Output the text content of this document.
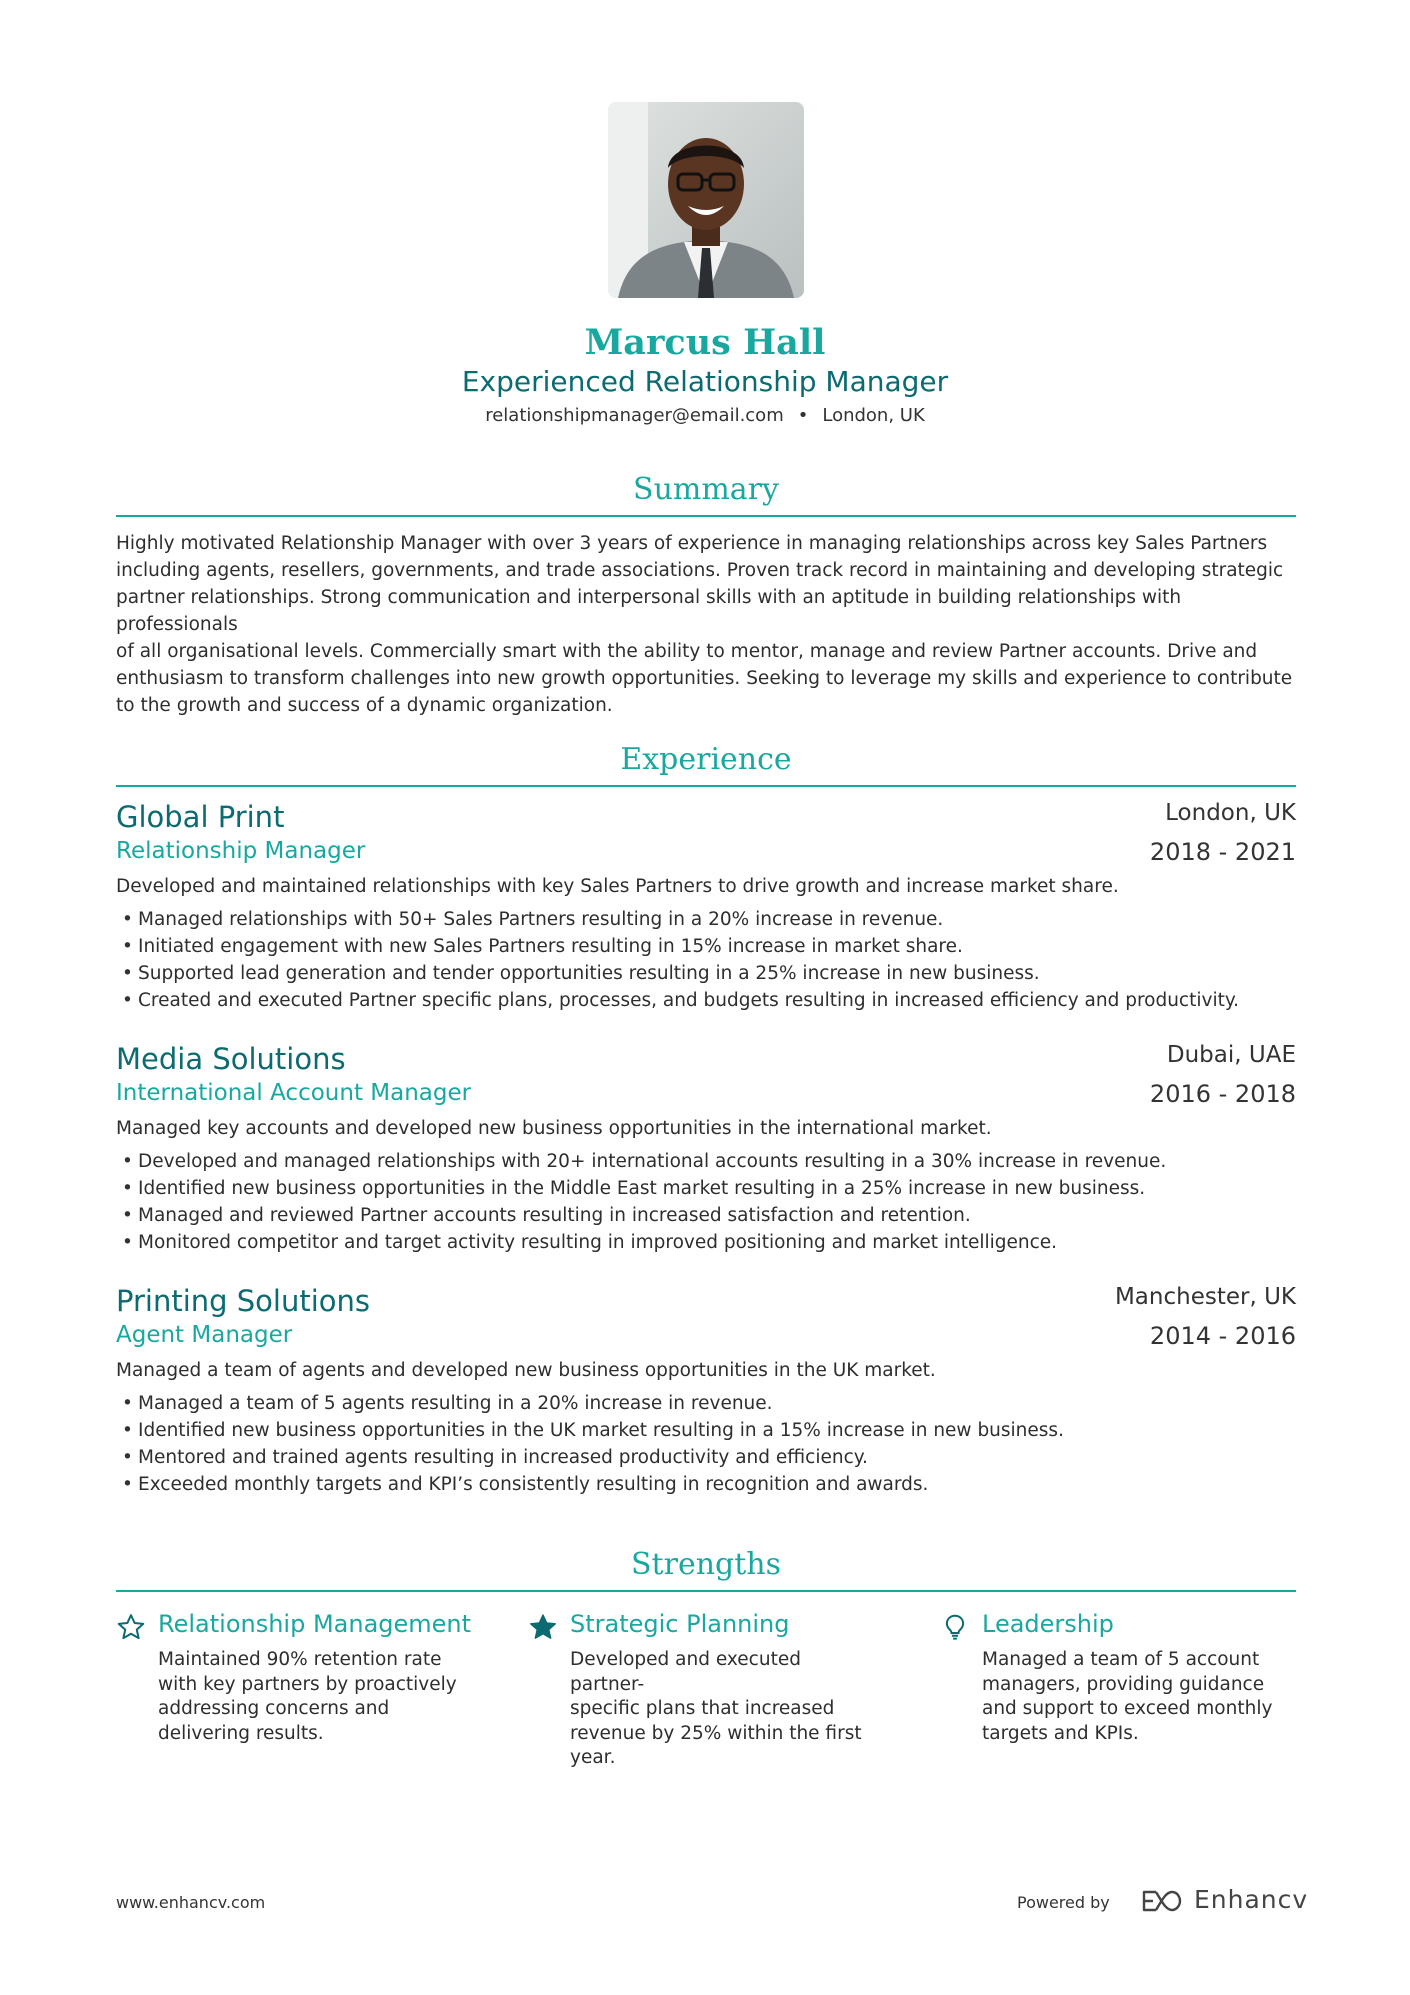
Marcus Hall
Experienced Relationship Manager
relationshipmanager@email.com • London, UK
Summary
Highly motivated Relationship Manager with over 3 years of experience in managing relationships across key Sales Partners
including agents, resellers, governments, and trade associations. Proven track record in maintaining and developing strategic
partner relationships. Strong communication and interpersonal skills with an aptitude in building relationships with professionals
of all organisational levels. Commercially smart with the ability to mentor, manage and review Partner accounts. Drive and
enthusiasm to transform challenges into new growth opportunities. Seeking to leverage my skills and experience to contribute
to the growth and success of a dynamic organization.
Experience
Global Print	London, UK
Relationship Manager	2018 - 2021
Developed and maintained relationships with key Sales Partners to drive growth and increase market share.
• Managed relationships with 50+ Sales Partners resulting in a 20% increase in revenue.
• Initiated engagement with new Sales Partners resulting in 15% increase in market share.
• Supported lead generation and tender opportunities resulting in a 25% increase in new business.
• Created and executed Partner specific plans, processes, and budgets resulting in increased efficiency and productivity.
Media Solutions	Dubai, UAE
International Account Manager	2016 - 2018
Managed key accounts and developed new business opportunities in the international market.
• Developed and managed relationships with 20+ international accounts resulting in a 30% increase in revenue.
• Identified new business opportunities in the Middle East market resulting in a 25% increase in new business.
• Managed and reviewed Partner accounts resulting in increased satisfaction and retention.
• Monitored competitor and target activity resulting in improved positioning and market intelligence.
Printing Solutions	Manchester, UK
Agent Manager	2014 - 2016
Managed a team of agents and developed new business opportunities in the UK market.
• Managed a team of 5 agents resulting in a 20% increase in revenue.
• Identified new business opportunities in the UK market resulting in a 15% increase in new business.
• Mentored and trained agents resulting in increased productivity and efficiency.
• Exceeded monthly targets and KPI’s consistently resulting in recognition and awards.
Strengths
Relationship Management
Maintained 90% retention rate
with key partners by proactively
addressing concerns and
delivering results.
Strategic Planning
Developed and executed partner-
specific plans that increased
revenue by 25% within the first
year.
Leadership
Managed a team of 5 account
managers, providing guidance
and support to exceed monthly
targets and KPIs.
www.enhancv.com	Powered by	Enhancv
